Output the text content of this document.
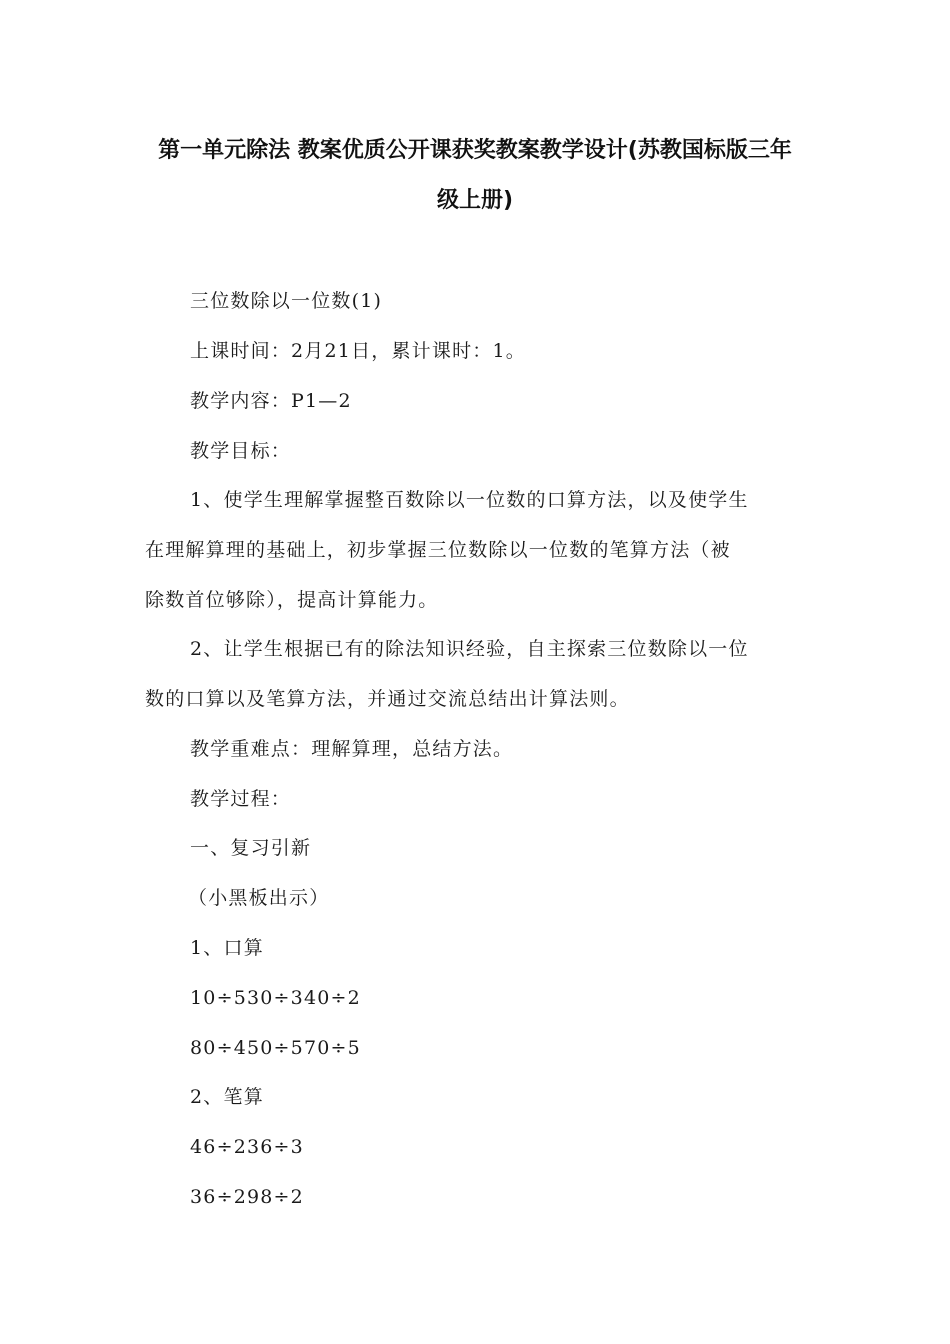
第一单元除法 教案优质公开课获奖教案教学设计(苏教国标版三年
级上册)
三位数除以一位数(1)
上课时间：2月21日，累计课时：1。
教学内容：P1—2
教学目标：
1、使学生理解掌握整百数除以一位数的口算方法，以及使学生
在理解算理的基础上，初步掌握三位数除以一位数的笔算方法（被
除数首位够除），提高计算能力。
2、让学生根据已有的除法知识经验，自主探索三位数除以一位
数的口算以及笔算方法，并通过交流总结出计算法则。
教学重难点：理解算理，总结方法。
教学过程：
一、复习引新
（小黑板出示）
1、口算
10÷530÷340÷2
80÷450÷570÷5
2、笔算
46÷236÷3
36÷298÷2
